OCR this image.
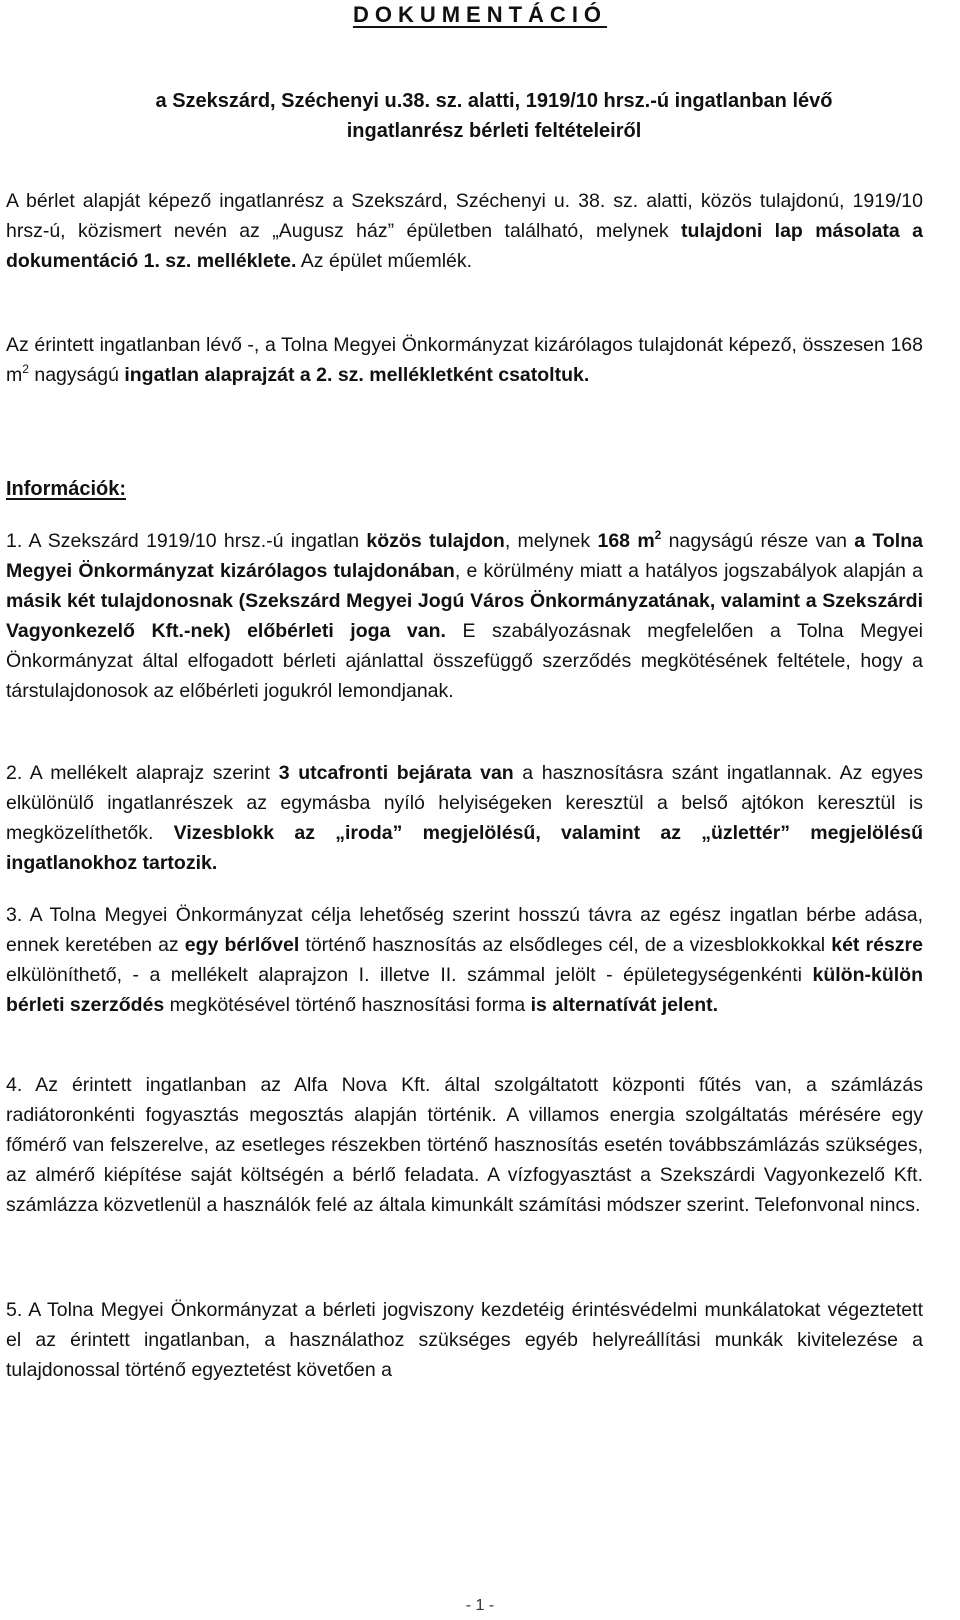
DOKUMENTÁCIÓ
a Szekszárd, Széchenyi u.38. sz. alatti, 1919/10 hrsz.-ú ingatlanban lévő
ingatlanrész bérleti feltételeiről

A bérlet alapját képező ingatlanrész a Szekszárd, Széchenyi u. 38. sz. alatti, közös tulajdonú, 1919/10 hrsz-ú, közismert nevén az „Augusz ház” épületben található, melynek tulajdoni lap másolata a dokumentáció 1. sz. melléklete. Az épület műemlék.

Az érintett ingatlanban lévő -, a Tolna Megyei Önkormányzat kizárólagos tulajdonát képező, összesen 168 $m^2$ nagyságú ingatlan alaprajzát a 2. sz. mellékletként csatoltuk.

Információk:

1. A Szekszárd 1919/10 hrsz.-ú ingatlan közös tulajdon, melynek 168 $m^2$ nagyságú része van a Tolna Megyei Önkormányzat kizárólagos tulajdonában, e körülmény miatt a hatályos jogszabályok alapján a másik két tulajdonosnak (Szekszárd Megyei Jogú Város Önkormányzatának, valamint a Szekszárdi Vagyonkezelő Kft.-nek) előbérleti joga van. E szabályozásnak megfelelően a Tolna Megyei Önkormányzat által elfogadott bérleti ajánlattal összefüggő szerződés megkötésének feltétele, hogy a társtulajdonosok az előbérleti jogukról lemondjanak.

2. A mellékelt alaprajz szerint 3 utcafronti bejárata van a hasznosításra szánt ingatlannak. Az egyes elkülönülő ingatlanrészek az egymásba nyíló helyiségeken keresztül a belső ajtókon keresztül is megközelíthetők. Vizesblokk az „iroda” megjelölésű, valamint az „üzlettér” megjelölésű ingatlanokhoz tartozik.

3. A Tolna Megyei Önkormányzat célja lehetőség szerint hosszú távra az egész ingatlan bérbe adása, ennek keretében az egy bérlővel történő hasznosítás az elsődleges cél, de a vizesblokkokkal két részre elkülöníthető, - a mellékelt alaprajzon I. illetve II. számmal jelölt - épületegységenkénti külön-külön bérleti szerződés megkötésével történő hasznosítási forma is alternatívát jelent.

4. Az érintett ingatlanban az Alfa Nova Kft. által szolgáltatott központi fűtés van, a számlázás radiátoronkénti fogyasztás megosztás alapján történik. A villamos energia szolgáltatás mérésére egy főmérő van felszerelve, az esetleges részekben történő hasznosítás esetén továbbszámlázás szükséges, az almérő kiépítése saját költségén a bérlő feladata. A vízfogyasztást a Szekszárdi Vagyonkezelő Kft. számlázza közvetlenül a használók felé az általa kimunkált számítási módszer szerint. Telefonvonal nincs.

5. A Tolna Megyei Önkormányzat a bérleti jogviszony kezdetéig érintésvédelmi munkálatokat végeztetett el az érintett ingatlanban, a használathoz szükséges egyéb helyreállítási munkák kivitelezése a tulajdonossal történő egyeztetést követően a

- 1 -
